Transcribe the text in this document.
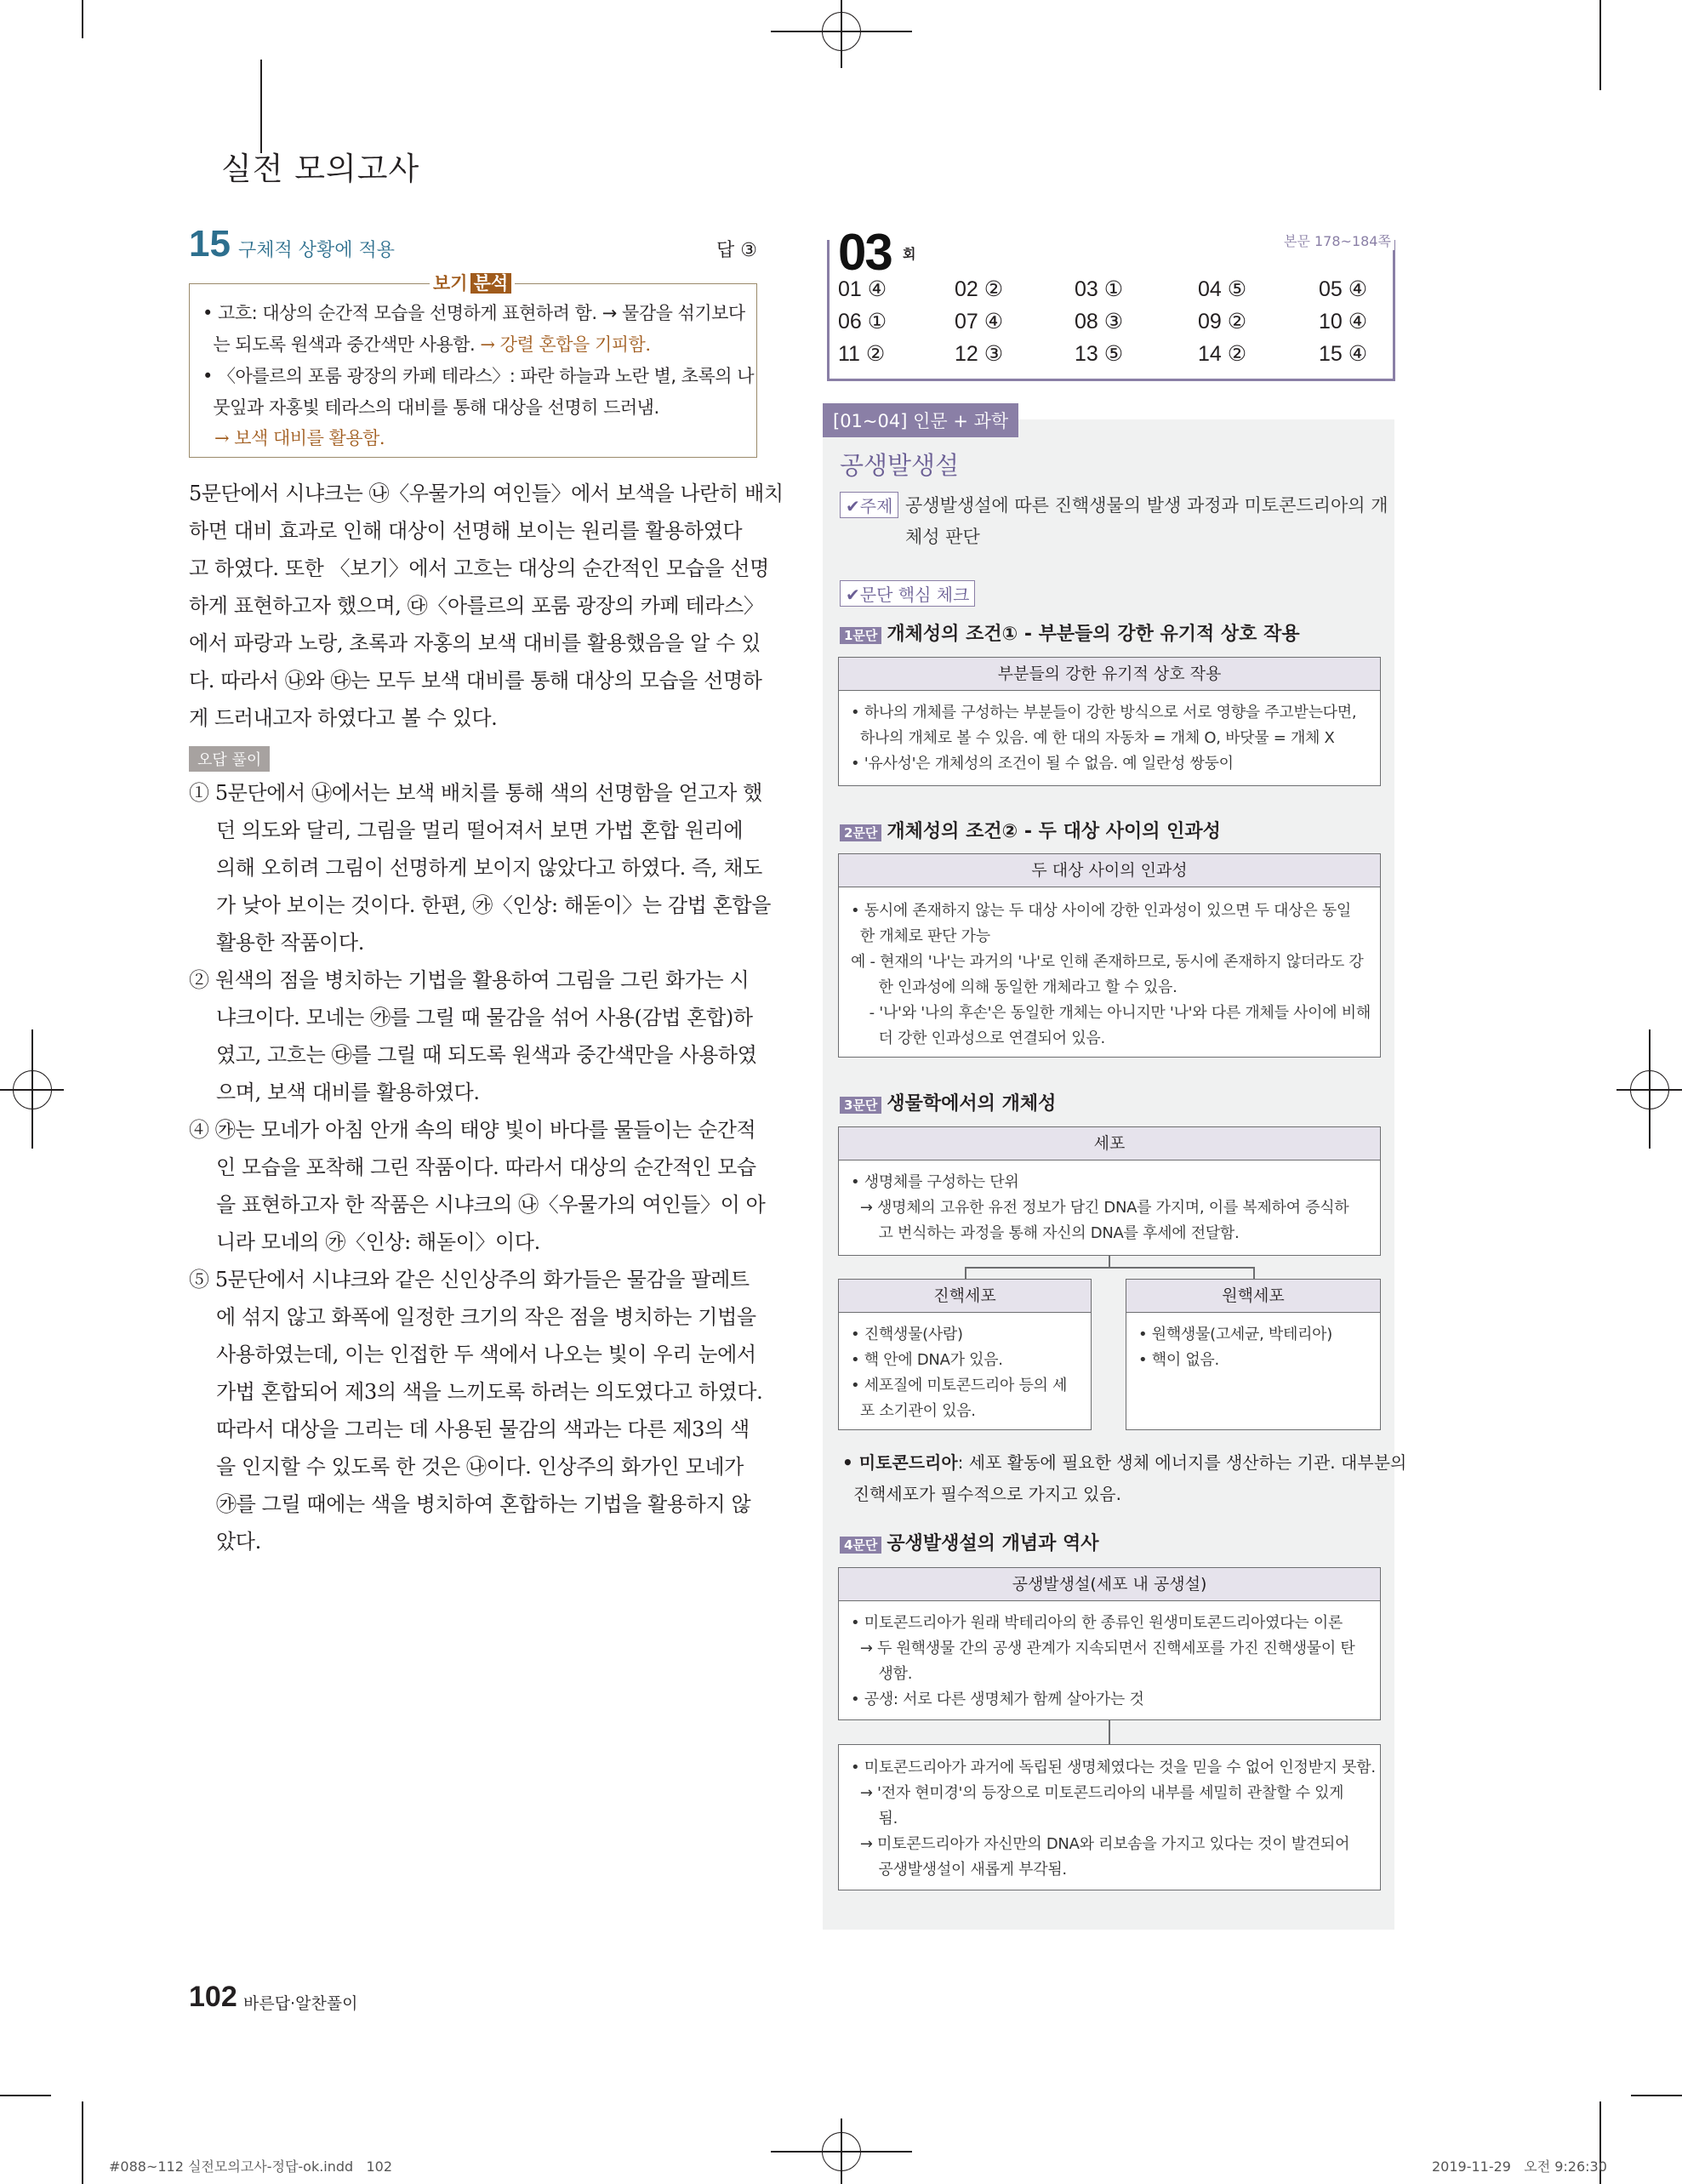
실전 모의고사
15 구체적 상황에 적용	답 ③
보기 분석
• 고흐: 대상의 순간적 모습을 선명하게 표현하려 함. → 물감을 섞기보다
는 되도록 원색과 중간색만 사용함. → 강렬 혼합을 기피함.
• 〈아를르의 포룸 광장의 카페 테라스〉: 파란 하늘과 노란 별, 초록의 나
뭇잎과 자홍빛 테라스의 대비를 통해 대상을 선명히 드러냄.
→ 보색 대비를 활용함.
5문단에서 시냐크는 ㉯〈우물가의 여인들〉에서 보색을 나란히 배치
하면 대비 효과로 인해 대상이 선명해 보이는 원리를 활용하였다
고 하였다. 또한 〈보기〉에서 고흐는 대상의 순간적인 모습을 선명
하게 표현하고자 했으며, ㉰〈아를르의 포룸 광장의 카페 테라스〉
에서 파랑과 노랑, 초록과 자홍의 보색 대비를 활용했음을 알 수 있
다. 따라서 ㉯와 ㉰는 모두 보색 대비를 통해 대상의 모습을 선명하
게 드러내고자 하였다고 볼 수 있다.
오답 풀이
① 5문단에서 ㉯에서는 보색 배치를 통해 색의 선명함을 얻고자 했
던 의도와 달리, 그림을 멀리 떨어져서 보면 가법 혼합 원리에
의해 오히려 그림이 선명하게 보이지 않았다고 하였다. 즉, 채도
가 낮아 보이는 것이다. 한편, ㉮〈인상: 해돋이〉는 감법 혼합을
활용한 작품이다.
② 원색의 점을 병치하는 기법을 활용하여 그림을 그린 화가는 시
냐크이다. 모네는 ㉮를 그릴 때 물감을 섞어 사용(감법 혼합)하
였고, 고흐는 ㉰를 그릴 때 되도록 원색과 중간색만을 사용하였
으며, 보색 대비를 활용하였다.
④ ㉮는 모네가 아침 안개 속의 태양 빛이 바다를 물들이는 순간적
인 모습을 포착해 그린 작품이다. 따라서 대상의 순간적인 모습
을 표현하고자 한 작품은 시냐크의 ㉯〈우물가의 여인들〉이 아
니라 모네의 ㉮〈인상: 해돋이〉이다.
⑤ 5문단에서 시냐크와 같은 신인상주의 화가들은 물감을 팔레트
에 섞지 않고 화폭에 일정한 크기의 작은 점을 병치하는 기법을
사용하였는데, 이는 인접한 두 색에서 나오는 빛이 우리 눈에서
가법 혼합되어 제3의 색을 느끼도록 하려는 의도였다고 하였다.
따라서 대상을 그리는 데 사용된 물감의 색과는 다른 제3의 색
을 인지할 수 있도록 한 것은 ㉯이다. 인상주의 화가인 모네가
㉮를 그릴 때에는 색을 병치하여 혼합하는 기법을 활용하지 않
았다.
102 바른답·알찬풀이
#088~112 실전모의고사-정답-ok.indd   102	2019-11-29   오전 9:26:30
03 회
본문 178~184쪽
01 ④	02 ②	03 ①	04 ⑤	05 ④
06 ①	07 ④	08 ③	09 ②	10 ④
11 ②	12 ③	13 ⑤	14 ②	15 ④
[01~04] 인문 + 과학
공생발생설
✔주제 공생발생설에 따른 진핵생물의 발생 과정과 미토콘드리아의 개
체성 판단
✔문단 핵심 체크
1문단 개체성의 조건① - 부분들의 강한 유기적 상호 작용
부분들의 강한 유기적 상호 작용
• 하나의 개체를 구성하는 부분들이 강한 방식으로 서로 영향을 주고받는다면,
하나의 개체로 볼 수 있음. 예 한 대의 자동차 = 개체 O, 바닷물 = 개체 X
• '유사성'은 개체성의 조건이 될 수 없음. 예 일란성 쌍둥이
2문단 개체성의 조건② - 두 대상 사이의 인과성
두 대상 사이의 인과성
• 동시에 존재하지 않는 두 대상 사이에 강한 인과성이 있으면 두 대상은 동일
한 개체로 판단 가능
예 - 현재의 '나'는 과거의 '나'로 인해 존재하므로, 동시에 존재하지 않더라도 강
한 인과성에 의해 동일한 개체라고 할 수 있음.
- '나'와 '나의 후손'은 동일한 개체는 아니지만 '나'와 다른 개체들 사이에 비해
더 강한 인과성으로 연결되어 있음.
3문단 생물학에서의 개체성
세포
• 생명체를 구성하는 단위
→ 생명체의 고유한 유전 정보가 담긴 DNA를 가지며, 이를 복제하여 증식하
고 번식하는 과정을 통해 자신의 DNA를 후세에 전달함.
진핵세포
• 진핵생물(사람)
• 핵 안에 DNA가 있음.
• 세포질에 미토콘드리아 등의 세
포 소기관이 있음.
원핵세포
• 원핵생물(고세균, 박테리아)
• 핵이 없음.
• 미토콘드리아: 세포 활동에 필요한 생체 에너지를 생산하는 기관. 대부분의
진핵세포가 필수적으로 가지고 있음.
4문단 공생발생설의 개념과 역사
공생발생설(세포 내 공생설)
• 미토콘드리아가 원래 박테리아의 한 종류인 원생미토콘드리아였다는 이론
→ 두 원핵생물 간의 공생 관계가 지속되면서 진핵세포를 가진 진핵생물이 탄
생함.
• 공생: 서로 다른 생명체가 함께 살아가는 것
• 미토콘드리아가 과거에 독립된 생명체였다는 것을 믿을 수 없어 인정받지 못함.
→ '전자 현미경'의 등장으로 미토콘드리아의 내부를 세밀히 관찰할 수 있게
됨.
→ 미토콘드리아가 자신만의 DNA와 리보솜을 가지고 있다는 것이 발견되어
공생발생설이 새롭게 부각됨.
